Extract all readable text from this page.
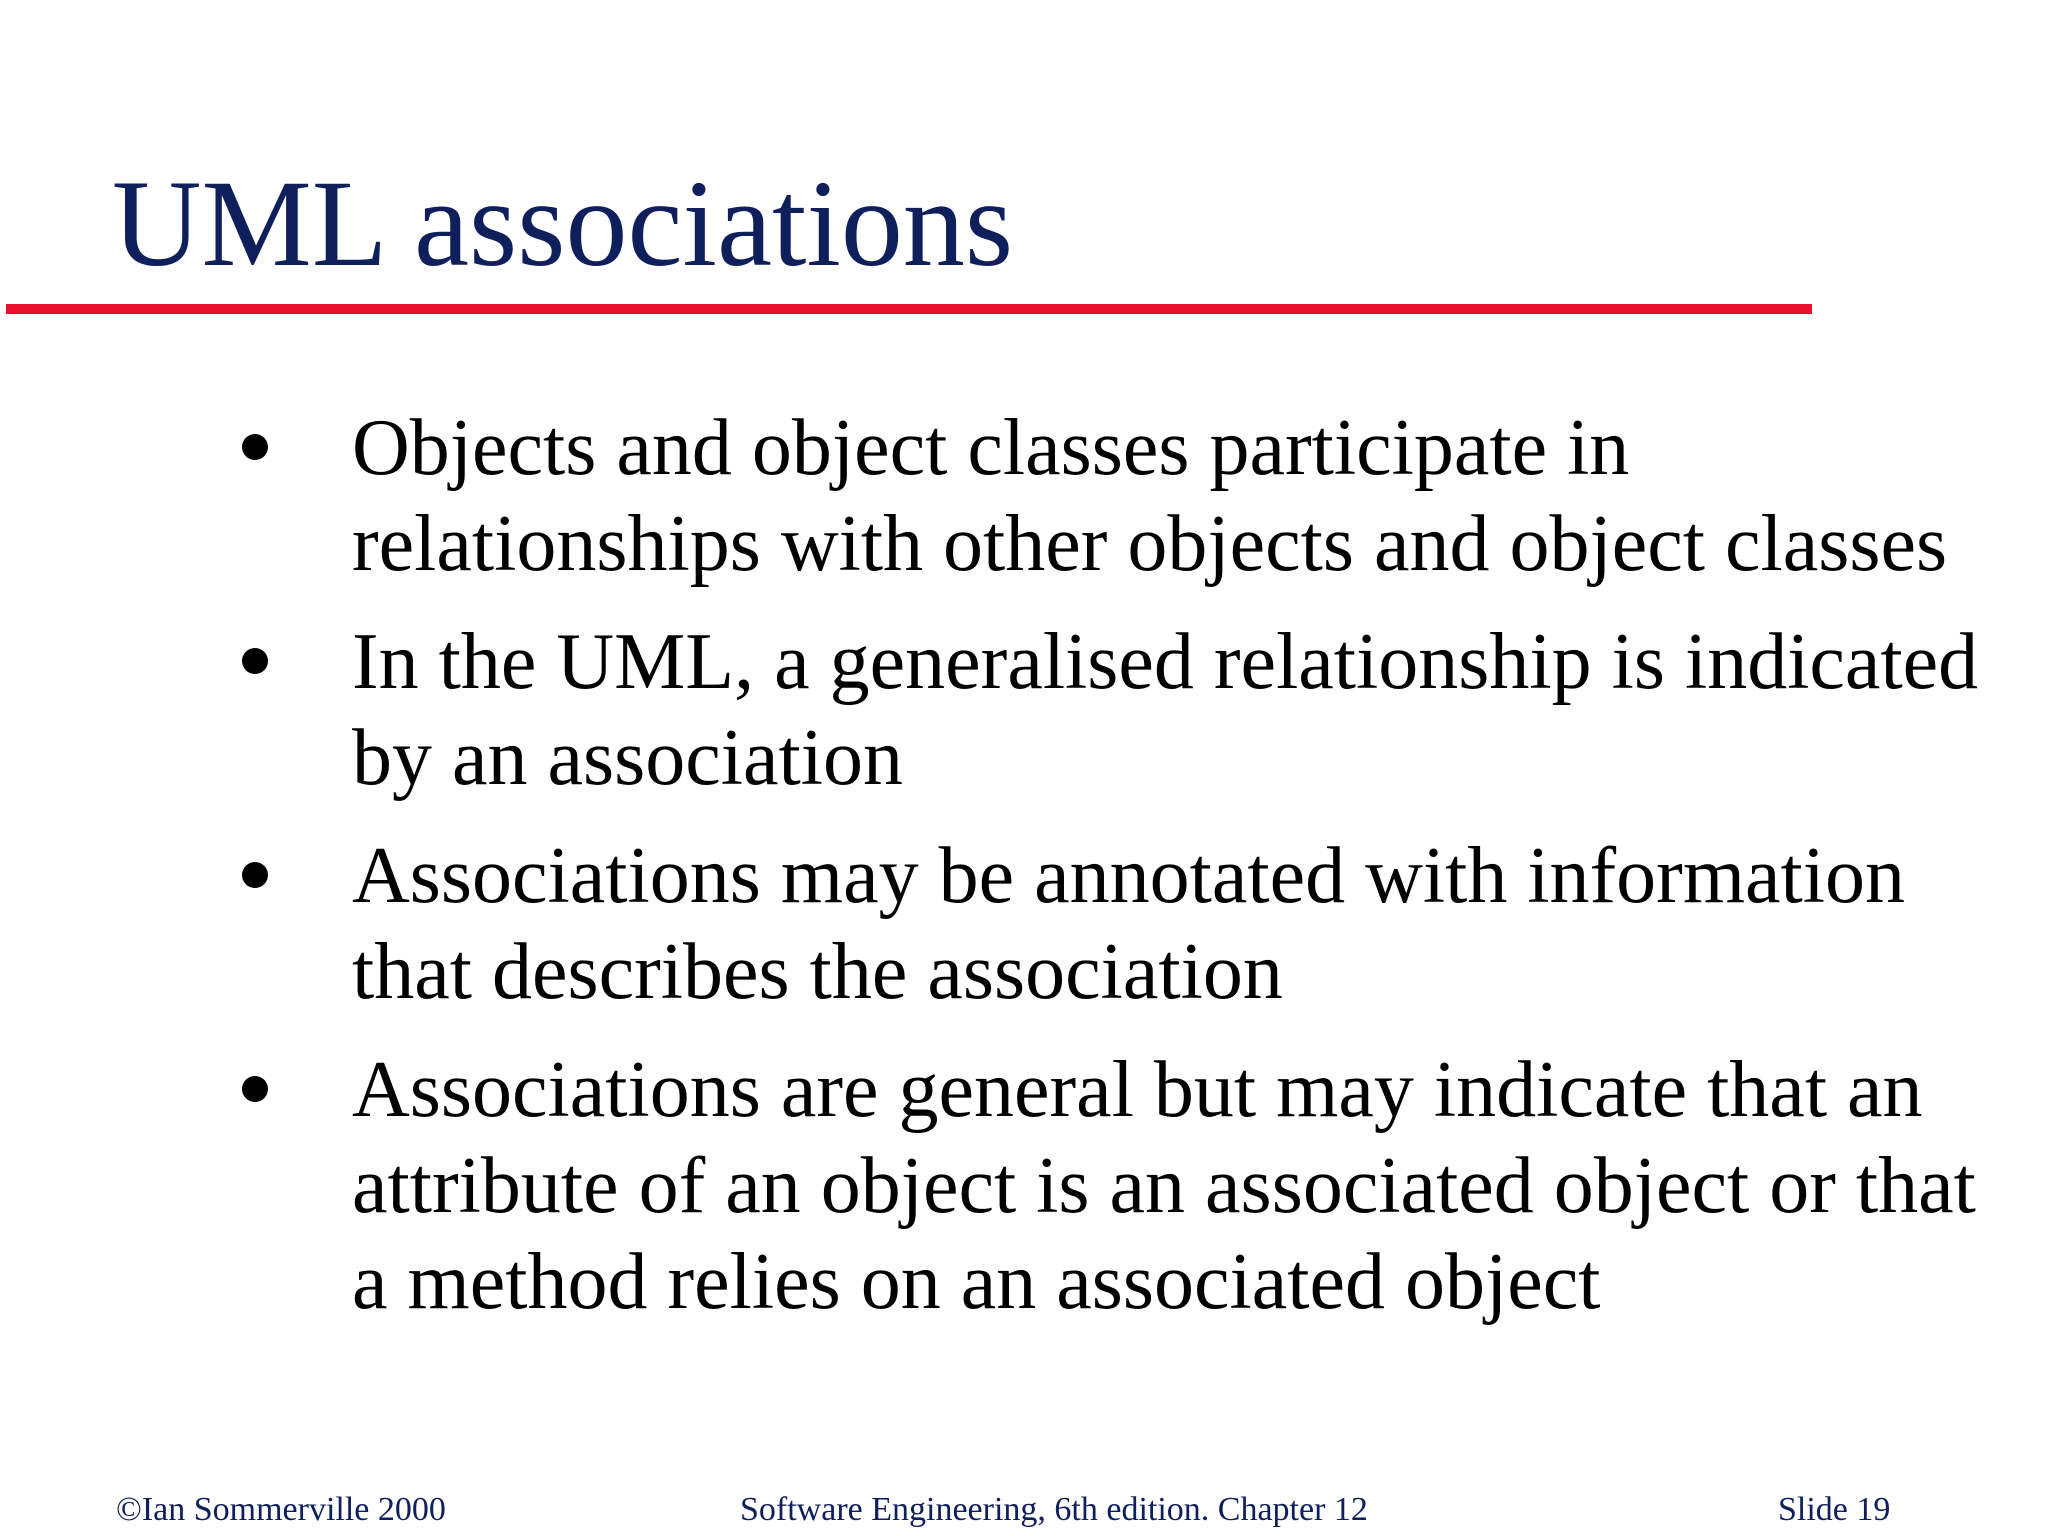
UML associations
Objects and object classes participate in relationships with other objects and object classes
In the UML, a generalised relationship is indicated by an association
Associations may be annotated with information that describes the association
Associations are general but may indicate that an attribute of an object is an associated object or that a method relies on an associated object
©Ian Sommerville 2000	Software Engineering, 6th edition. Chapter 12	Slide 19
